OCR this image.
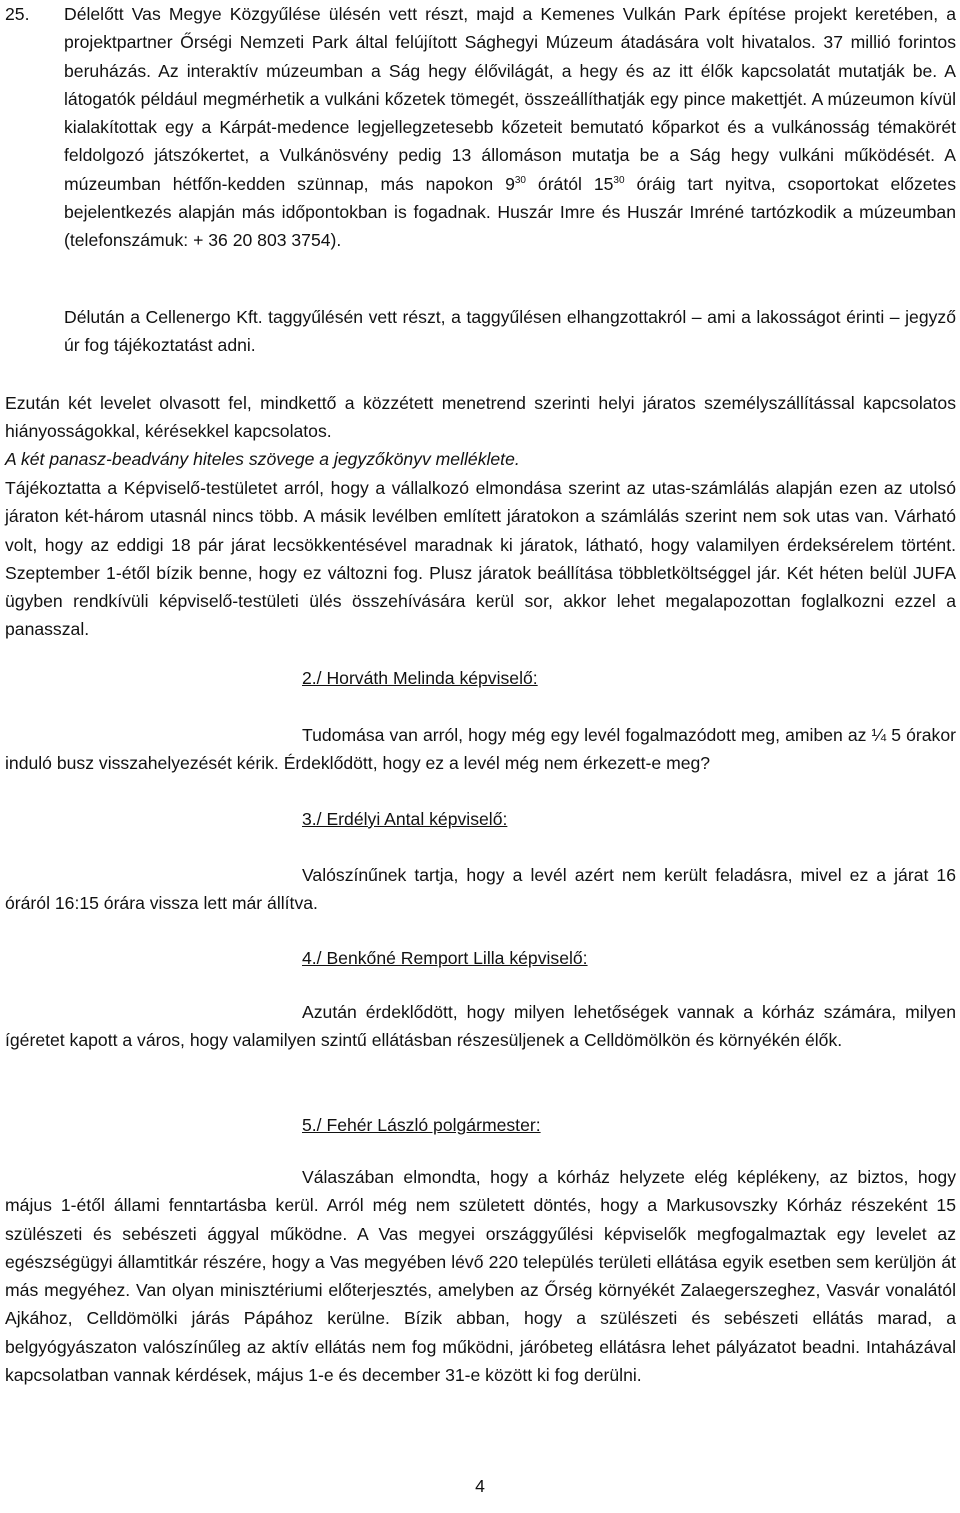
25. Délelőtt Vas Megye Közgyűlése ülésén vett részt, majd a Kemenes Vulkán Park építése projekt keretében, a projektpartner Őrségi Nemzeti Park által felújított Sághegyi Múzeum átadására volt hivatalos. 37 millió forintos beruházás. Az interaktív múzeumban a Ság hegy élővilágát, a hegy és az itt élők kapcsolatát mutatják be. A látogatók például megmérhetik a vulkáni kőzetek tömegét, összeállíthatják egy pince makettjét. A múzeumon kívül kialakítottak egy a Kárpát-medence legjellegzetesebb kőzeteit bemutató kőparkot és a vulkánosság témakörét feldolgozó játszókertet, a Vulkánösvény pedig 13 állomáson mutatja be a Ság hegy vulkáni működését. A múzeumban hétfőn-kedden szünnap, más napokon $9^{30}$ órától $15^{30}$ óráig tart nyitva, csoportokat előzetes bejelentkezés alapján más időpontokban is fogadnak. Huszár Imre és Huszár Imréné tartózkodik a múzeumban (telefonszámuk: + 36 20 803 3754).

Délután a Cellenergo Kft. taggyűlésén vett részt, a taggyűlésen elhangzottakról – ami a lakosságot érinti – jegyző úr fog tájékoztatást adni.

Ezután két levelet olvasott fel, mindkettő a közzétett menetrend szerinti helyi járatos személyszállítással kapcsolatos hiányosságokkal, kérésekkel kapcsolatos.

A két panasz-beadvány hiteles szövege a jegyzőkönyv melléklete.

Tájékoztatta a Képviselő-testületet arról, hogy a vállalkozó elmondása szerint az utas-számlálás alapján ezen az utolsó járaton két-három utasnál nincs több. A másik levélben említett járatokon a számlálás szerint nem sok utas van. Várható volt, hogy az eddigi 18 pár járat lecsökkentésével maradnak ki járatok, látható, hogy valamilyen érdeksérelem történt. Szeptember 1-étől bízik benne, hogy ez változni fog. Plusz járatok beállítása többletköltséggel jár. Két héten belül JUFA ügyben rendkívüli képviselő-testületi ülés összehívására kerül sor, akkor lehet megalapozottan foglalkozni ezzel a panasszal.

2./ Horváth Melinda képviselő:

Tudomása van arról, hogy még egy levél fogalmazódott meg, amiben az ¼ 5 órakor induló busz visszahelyezését kérik. Érdeklődött, hogy ez a levél még nem érkezett-e meg?

3./ Erdélyi Antal képviselő:

Valószínűnek tartja, hogy a levél azért nem került feladásra, mivel ez a járat 16 óráról 16:15 órára vissza lett már állítva.

4./ Benkőné Remport Lilla képviselő:

Azután érdeklődött, hogy milyen lehetőségek vannak a kórház számára, milyen ígéretet kapott a város, hogy valamilyen szintű ellátásban részesüljenek a Celldömölkön és környékén élők.

5./ Fehér László polgármester:

Válaszában elmondta, hogy a kórház helyzete elég képlékeny, az biztos, hogy május 1-étől állami fenntartásba kerül. Arról még nem született döntés, hogy a Markusovszky Kórház részeként 15 szülészeti és sebészeti ággyal működne. A Vas megyei országgyűlési képviselők megfogalmaztak egy levelet az egészségügyi államtitkár részére, hogy a Vas megyében lévő 220 település területi ellátása egyik esetben sem kerüljön át más megyéhez. Van olyan minisztériumi előterjesztés, amelyben az Őrség környékét Zalaegerszeghez, Vasvár vonalától Ajkához, Celldömölki járás Pápához kerülne. Bízik abban, hogy a szülészeti és sebészeti ellátás marad, a belgyógyászaton valószínűleg az aktív ellátás nem fog működni, járóbeteg ellátásra lehet pályázatot beadni. Intaházával kapcsolatban vannak kérdések, május 1-e és december 31-e között ki fog derülni.

4
